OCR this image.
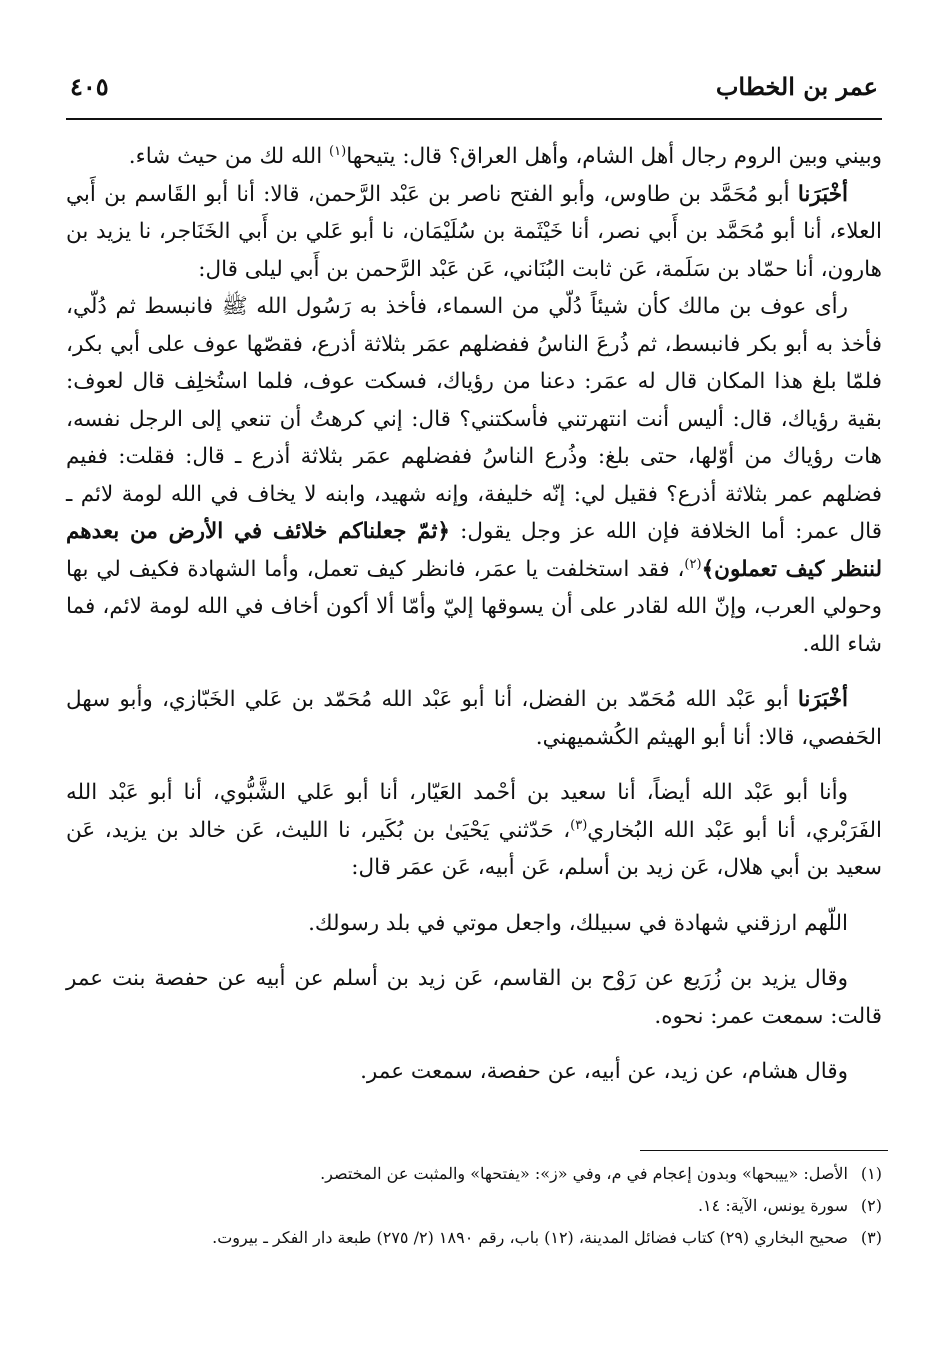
عمر بن الخطاب
٤٠٥

وبيني وبين الروم رجال أهل الشام، وأهل العراق؟ قال: يتيحها$^{(١)}$ الله لك من حيث شاء.

أخْبَرَنا أبو مُحَمَّد بن طاوس، وأبو الفتح ناصر بن عَبْد الرَّحمن، قالا: أنا أبو القَاسم بن أَبي العلاء، أنا أبو مُحَمَّد بن أَبي نصر، أنا خَيْثَمة بن سُلَيْمَان، نا أبو عَلي بن أَبي الخَنَاجر، نا يزيد بن هارون، أنا حمّاد بن سَلَمة، عَن ثابت البُنَاني، عَن عَبْد الرَّحمن بن أَبي ليلى قال:

رأى عوف بن مالك كأن شيئاً دُلّي من السماء، فأخذ به رَسُول الله ﷺ فانبسط ثم دُلّي، فأخذ به أبو بكر فانبسط، ثم ذُرعَ الناسُ ففضلهم عمَر بثلاثة أذرع، فقصّها عوف على أبي بكر، فلمّا بلغ هذا المكان قال له عمَر: دعنا من رؤياك، فسكت عوف، فلما استُخلِف قال لعوف: بقية رؤياك، قال: أليس أنت انتهرتني فأسكتني؟ قال: إني كرهتُ أن تنعي إلى الرجل نفسه، هات رؤياك من أوّلها، حتى بلغ: وذُرع الناسُ ففضلهم عمَر بثلاثة أذرع ـ قال: فقلت: ففيم فضلهم عمر بثلاثة أذرع؟ فقيل لي: إنّه خليفة، وإنه شهيد، وابنه لا يخاف في الله لومة لائم ـ قال عمر: أما الخلافة فإن الله عز وجل يقول: ﴿ثمّ جعلناكم خلائف في الأرض من بعدهم لننظر كيف تعملون﴾$^{(٢)}$، فقد استخلفت يا عمَر، فانظر كيف تعمل، وأما الشهادة فكيف لي بها وحولي العرب، وإنّ الله لقادر على أن يسوقها إليّ وأمّا ألا أكون أخاف في الله لومة لائم، فما شاء الله.

أخْبَرَنا أبو عَبْد الله مُحَمّد بن الفضل، أنا أبو عَبْد الله مُحَمّد بن عَلي الخَبّازي، وأبو سهل الحَفصي، قالا: أنا أبو الهيثم الكُشميهني.

وأنا أبو عَبْد الله أيضاً، أنا سعيد بن أحْمد العَيّار، أنا أبو عَلي الشَّبُّوي، أنا أبو عَبْد الله الفَرَبْري، أنا أبو عَبْد الله البُخاري$^{(٣)}$، حَدّثني يَحْيَىٰ بن بُكَير، نا الليث، عَن خالد بن يزيد، عَن سعيد بن أبي هلال، عَن زيد بن أسلم، عَن أبيه، عَن عمَر قال:

اللّهم ارزقني شهادة في سبيلك، واجعل موتي في بلد رسولك.

وقال يزيد بن زُرَيع عن رَوْح بن القاسم، عَن زيد بن أسلم عن أبيه عن حفصة بنت عمر قالت: سمعت عمر: نحوه.

وقال هشام، عن زيد، عن أبيه، عن حفصة، سمعت عمر.

(١)الأصل: «ييبحها» وبدون إعجام في م، وفي «ز»: «يفتحها» والمثبت عن المختصر.

(٢)سورة يونس، الآية: ١٤.

(٣)صحيح البخاري (٢٩) كتاب فضائل المدينة، (١٢) باب، رقم ١٨٩٠ (٢/ ٢٧٥) طبعة دار الفكر ـ بيروت.
